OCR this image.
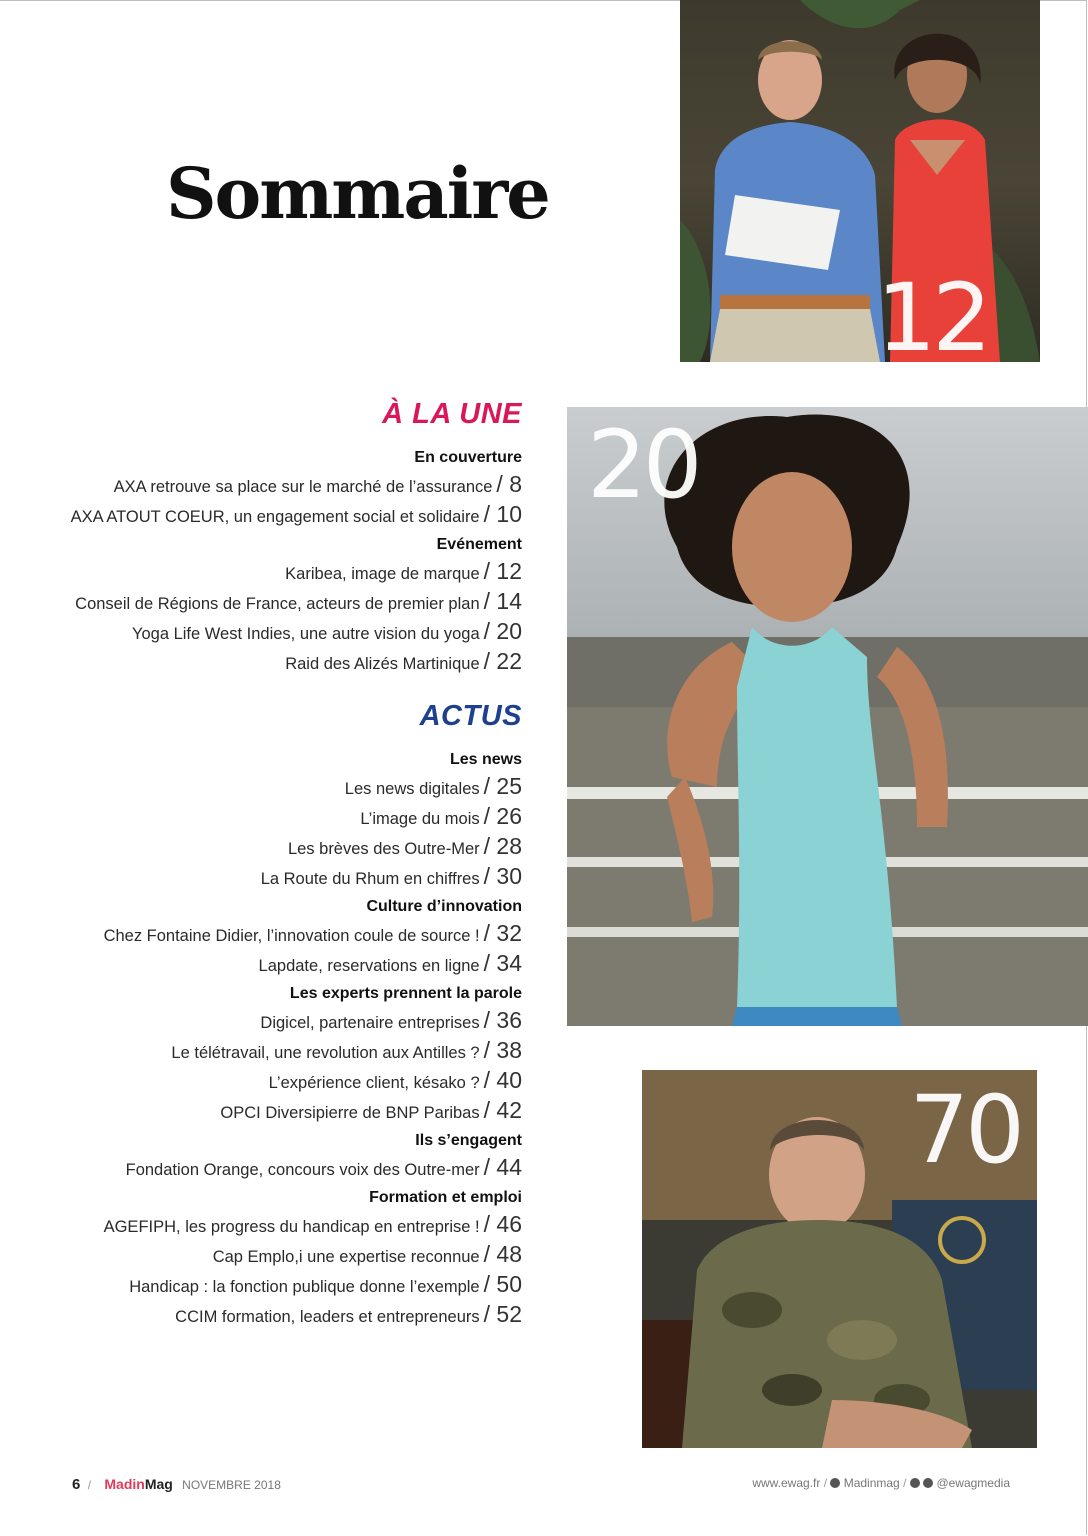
Sommaire
À LA UNE
En couverture
AXA retrouve sa place sur le marché de l’assurance / 8
AXA ATOUT COEUR, un engagement social et solidaire / 10
Evénement
Karibea, image de marque / 12
Conseil de Régions de France, acteurs de premier plan / 14
Yoga Life West Indies, une autre vision du yoga / 20
Raid des Alizés Martinique / 22
ACTUS
Les news
Les news digitales / 25
L’image du mois / 26
Les brèves des Outre-Mer / 28
La Route du Rhum en chiffres / 30
Culture d’innovation
Chez Fontaine Didier, l’innovation coule de source ! / 32
Lapdate, reservations en ligne / 34
Les experts prennent la parole
Digicel, partenaire entreprises / 36
Le télétravail, une revolution aux Antilles ? / 38
L’expérience client, késako ? / 40
OPCI Diversipierre de BNP Paribas / 42
Ils s’engagent
Fondation Orange, concours voix des Outre-mer / 44
Formation et emploi
AGEFIPH, les progress du handicap en entreprise ! / 46
Cap Emplo,i une expertise reconnue / 48
Handicap : la fonction publique donne l’exemple / 50
CCIM formation, leaders et entrepreneurs / 52
12
20
70
6 / MadinMag NOVEMBRE 2018	www.ewag.fr /  Madinmag /   @ewagmedia
